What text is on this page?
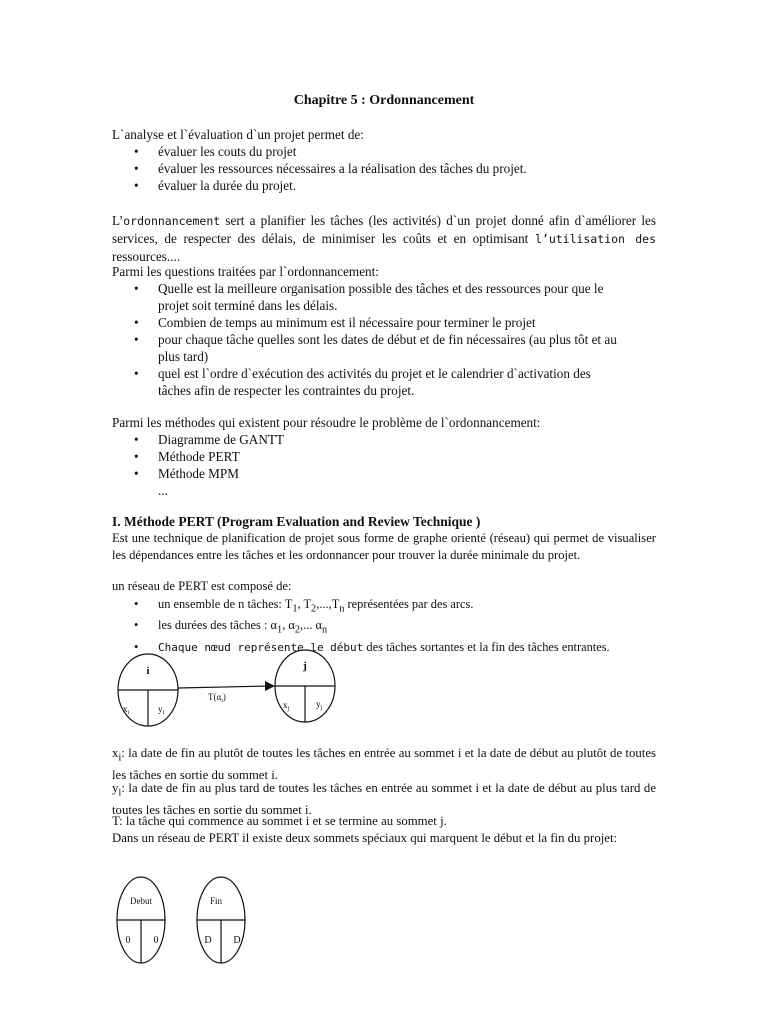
Chapitre 5 : Ordonnancement
L`analyse et l`évaluation d`un projet permet de:
• évaluer les couts du projet
• évaluer les ressources nécessaires a la réalisation des tâches du projet.
• évaluer la durée du projet.
L’ordonnancement sert a planifier les tâches (les activités) d`un projet donné afin d`améliorer les services, de respecter des délais, de minimiser les coûts et en optimisant l’utilisation des ressources....
Parmi les questions traitées par l`ordonnancement:
• Quelle est la meilleure organisation possible des tâches et des ressources pour que le projet soit terminé dans les délais.
• Combien de temps au minimum est il nécessaire pour terminer le projet
• pour chaque tâche quelles sont les dates de début et de fin nécessaires (au plus tôt et au plus tard)
• quel est l`ordre d`exécution des activités du projet et le calendrier d`activation des tâches afin de respecter les contraintes du projet.
Parmi les méthodes qui existent pour résoudre le problème de l`ordonnancement:
• Diagramme de GANTT
• Méthode PERT
• Méthode MPM
...
I. Méthode PERT (Program Evaluation and Review Technique )
Est une technique de planification de projet sous forme de graphe orienté (réseau) qui permet de visualiser les dépendances entre les tâches et les ordonnancer pour trouver la durée minimale du projet.
un réseau de PERT est composé de:
• un ensemble de n tâches: $T_1$, $T_2,...,T_n$ représentées par des arcs.
• les durées des tâches : $\alpha_1$, $\alpha_2$,... $\alpha_n$
• Chaque nœud représente le début des tâches sortantes et la fin des tâches entrantes.
i
$x_i$	$y_i$
j
$x_j$	$y_j$
$T(\alpha_i)$
Debut
0 0
Fin
D D
$x_i$: la date de fin au plutôt de toutes les tâches en entrée au sommet i et la date de début au plutôt de toutes les tâches en sortie du sommet i.
$y_i$: la date de fin au plus tard de toutes les tâches en entrée au sommet i et la date de début au plus tard de toutes les tâches en sortie du sommet i.
T: la tâche qui commence au sommet i et se termine au sommet j.
Dans un réseau de PERT il existe deux sommets spéciaux qui marquent le début et la fin du projet:
